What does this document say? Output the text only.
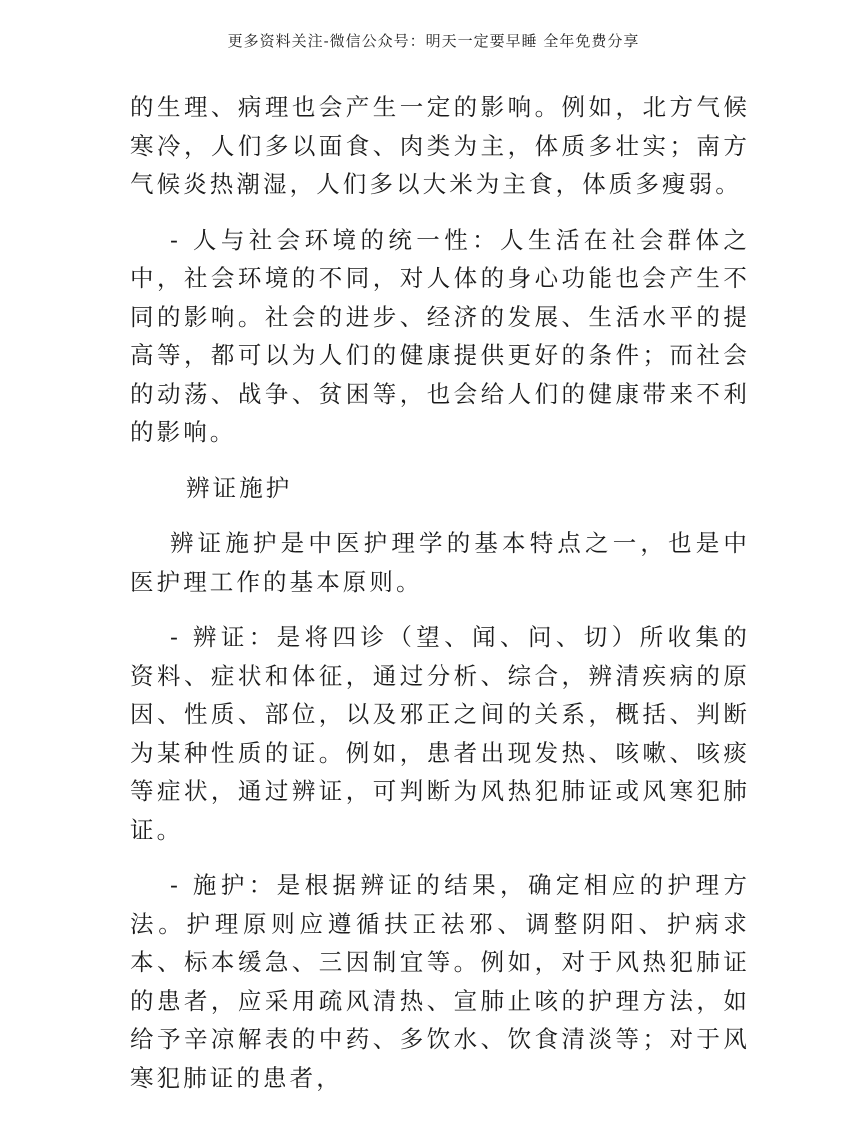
更多资料关注-微信公众号：明天一定要早睡 全年免费分享

的生理、病理也会产生一定的影响。例如，北方气候寒冷，人们多以面食、肉类为主，体质多壮实；南方气候炎热潮湿，人们多以大米为主食，体质多瘦弱。

- 人与社会环境的统一性：人生活在社会群体之中，社会环境的不同，对人体的身心功能也会产生不同的影响。社会的进步、经济的发展、生活水平的提高等，都可以为人们的健康提供更好的条件；而社会的动荡、战争、贫困等，也会给人们的健康带来不利的影响。

辨证施护

辨证施护是中医护理学的基本特点之一，也是中医护理工作的基本原则。

- 辨证：是将四诊（望、闻、问、切）所收集的资料、症状和体征，通过分析、综合，辨清疾病的原因、性质、部位，以及邪正之间的关系，概括、判断为某种性质的证。例如，患者出现发热、咳嗽、咳痰等症状，通过辨证，可判断为风热犯肺证或风寒犯肺证。

- 施护：是根据辨证的结果，确定相应的护理方法。护理原则应遵循扶正祛邪、调整阴阳、护病求本、标本缓急、三因制宜等。例如，对于风热犯肺证的患者，应采用疏风清热、宣肺止咳的护理方法，如给予辛凉解表的中药、多饮水、饮食清淡等；对于风寒犯肺证的患者，
